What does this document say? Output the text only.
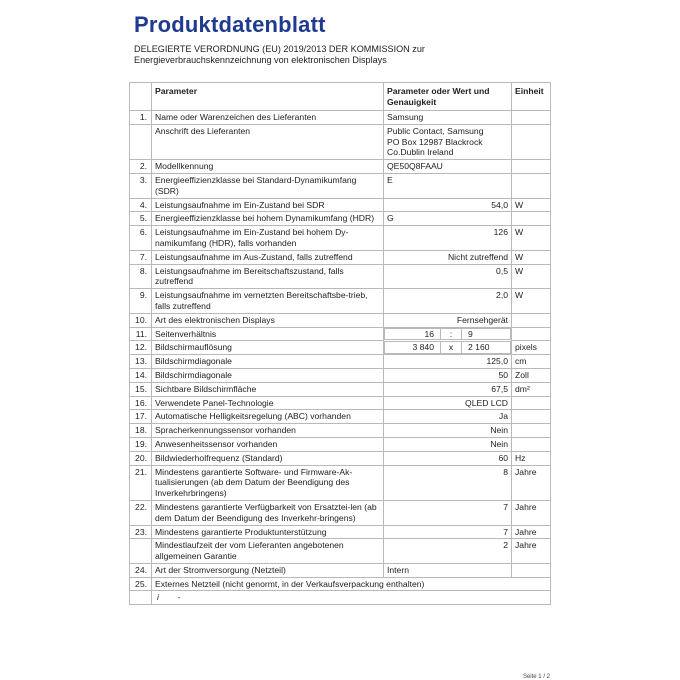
Produktdatenblatt
DELEGIERTE VERORDNUNG (EU) 2019/2013 DER KOMMISSION zur
Energieverbrauchskennzeichnung von elektronischen Displays
	Parameter	Parameter oder Wert und Genauigkeit	Einheit
1.	Name oder Warenzeichen des Lieferanten	Samsung	
	Anschrift des Lieferanten	Public Contact, Samsung PO Box 12987 Blackrock Co.Dublin Ireland	
2.	Modellkennung	QE50Q8FAAU	
3.	Energieeffizienzklasse bei Standard-Dynamikumfang (SDR)	E	
4.	Leistungsaufnahme im Ein-Zustand bei SDR	54,0	W
5.	Energieeffizienzklasse bei hohem Dynamikumfang (HDR)	G	
6.	Leistungsaufnahme im Ein-Zustand bei hohem Dy-namikumfang (HDR), falls vorhanden	126	W
7.	Leistungsaufnahme im Aus-Zustand, falls zutreffend	Nicht zutreffend	W
8.	Leistungsaufnahme im Bereitschaftszustand, falls zutreffend	0,5	W
9.	Leistungsaufnahme im vernetzten Bereitschaftsbe-trieb, falls zutreffend	2,0	W
10.	Art des elektronischen Displays	Fernsehgerät	
11.	Seitenverhältnis		16	:	9

12.	Bildschirmauflösung		3 840	x	2 160	pixels
13.	Bildschirmdiagonale	125,0	cm
14.	Bildschirmdiagonale	50	Zoll
15.	Sichtbare Bildschirmfläche	67,5	dm²
16.	Verwendete Panel-Technologie	QLED LCD	
17.	Automatische Helligkeitsregelung (ABC) vorhanden	Ja	
18.	Spracherkennungssensor vorhanden	Nein	
19.	Anwesenheitssensor vorhanden	Nein	
20.	Bildwiederholfrequenz (Standard)	60	Hz
21.	Mindestens garantierte Software- und Firmware-Ak-tualisierungen (ab dem Datum der Beendigung des Inverkehrbringens)	8	Jahre
22.	Mindestens garantierte Verfügbarkeit von Ersatztei-len (ab dem Datum der Beendigung des Inverkehr-bringens)	7	Jahre
23.	Mindestens garantierte Produktunterstützung	7	Jahre
	Mindestlaufzeit der vom Lieferanten angebotenen allgemeinen Garantie	2	Jahre
24.	Art der Stromversorgung (Netzteil)	Intern	
25.	Externes Netzteil (nicht genormt, in der Verkaufsverpackung enthalten)		
	i -		
Seite 1 / 2
